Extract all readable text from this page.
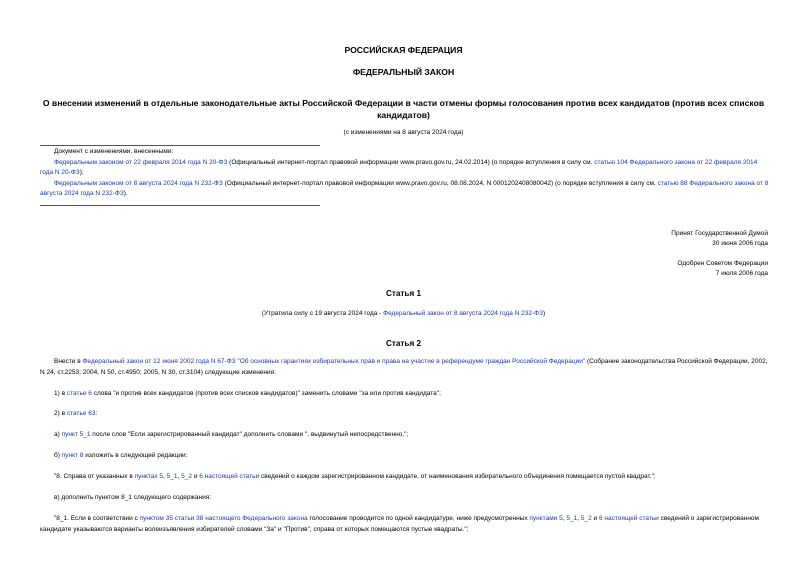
РОССИЙСКАЯ ФЕДЕРАЦИЯ
ФЕДЕРАЛЬНЫЙ ЗАКОН
О внесении изменений в отдельные законодательные акты Российской Федерации в части отмены формы голосования против всех кандидатов (против всех списков кандидатов)
(с изменениями на 8 августа 2024 года)
Документ с изменениями, внесенными:

Федеральным законом от 22 февраля 2014 года N 20-ФЗ (Официальный интернет-портал правовой информации www.pravo.gov.ru, 24.02.2014) (о порядке вступления в силу см. статью 104 Федерального закона от 22 февраля 2014 года N 20-ФЗ);

Федеральным законом от 8 августа 2024 года N 232-ФЗ (Официальный интернет-портал правовой информации www.pravo.gov.ru, 08.08.2024, N 0001202408080042) (о порядке вступления в силу см. статью 88 Федерального закона от 8 августа 2024 года N 232-ФЗ).

Принят Государственной Думой
30 июня 2006 года
Одобрен Советом Федерации
7 июля 2006 года
Статья 1
(Утратила силу с 19 августа 2024 года - Федеральный закон от 8 августа 2024 года N 232-ФЗ)
Статья 2

Внести в Федеральный закон от 12 июня 2002 года N 67-ФЗ "Об основных гарантиях избирательных прав и права на участие в референдуме граждан Российской Федерации" (Собрание законодательства Российской Федерации, 2002, N 24, ст.2253; 2004, N 50, ст.4950; 2005, N 30, ст.3104) следующие изменения:

1) в статье 6 слова "и против всех кандидатов (против всех списков кандидатов)" заменить словами "за или против кандидата";

2) в статье 63:

а) пункт 5_1 после слов "Если зарегистрированный кандидат" дополнить словами ", выдвинутый непосредственно,";

б) пункт 8 изложить в следующей редакции:

"8. Справа от указанных в пунктах 5, 5_1, 5_2 и 6 настоящей статьи сведений о каждом зарегистрированном кандидате, от наименования избирательного объединения помещается пустой квадрат.";

в) дополнить пунктом 8_1 следующего содержания:

"8_1. Если в соответствии с пунктом 35 статьи 38 настоящего Федерального закона голосование проводится по одной кандидатуре, ниже предусмотренных пунктами 5, 5_1, 5_2 и 6 настоящей статьи сведений о зарегистрированном кандидате указываются варианты волеизъявления избирателей словами "За" и "Против", справа от которых помещаются пустые квадраты.";
